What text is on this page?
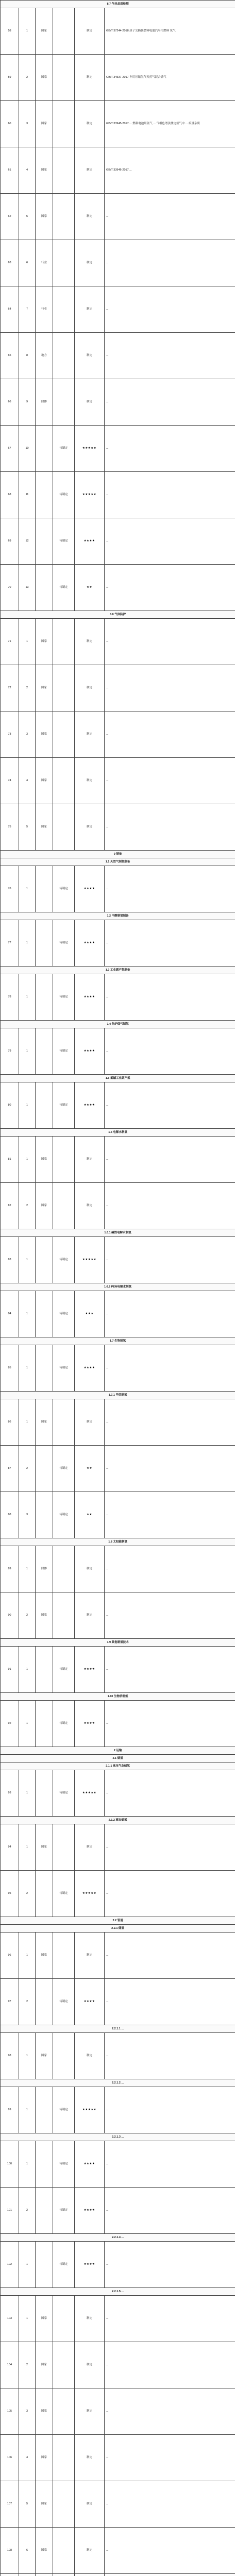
8.7 气体品质检测					
58	1	国家		制定	GB/T 37244-2018 质子交换膜燃料电池汽车用燃料 氢气
59	2	国家		制定	GB/T 34537-2017 车用压缩氢气天然气混合燃气
60	3	国家		制定	GB/T 33945-2017 ... 燃料电池用氢气 ... 气相色谱法测定氢气中 ... 痕量杂质
61	4	国家		制定	GB/T 33946-2017 ...
62	5	国家		制定	...
63	6	行业		制定	...
64	7	行业		制定	...
65	8	地方		制定	...
66	9	团体		制定	...
67	10		待制定	★★★★★	...
68	11		待制定	★★★★★	...
69	12		待制定	★★★★	...
70	13		待制定	★★	...
8.8 气体防护					
71	1	国家		制定	...
72	2	国家		制定	...
73	3	国家		制定	...
74	4	国家		制定	...
75	5	国家		制定	...
9 制备					
1.1 天然气制氢制备					
76	1		待制定	★★★★	...
1.2 甲醇制氢制备					
77	1		待制定	★★★★	...
1.3 工业副产氢制备					
78	1		待制定	★★★★	...
1.4 焦炉煤气制氢					
79	1		待制定	★★★★	...
1.5 氯碱工业副产氢					
80	1		待制定	★★★★	...
1.6 电解水制氢					
81	1	国家		制定	...
82	2	国家		制定	...
1.6.1 碱性电解水制氢					
83	1		待制定	★★★★★	...
1.6.2 PEM电解水制氢					
84	1		待制定	★★★	...
1.7 生物制氢					
85	1		待制定	★★★★	...
1.7.1 甲烷制氢					
86	1	国家		制定	...
87	2		待制定	★★	...
88	3		待制定	★★	...
1.8 太阳能制氢					
89	1	团体		制定	...
90	2	国家		制定	...
1.9 其他制氢技术					
91	1		待制定	★★★★	...
1.10 生物质制氢					
92	1		待制定	★★★★	...
2 运输					
2.1 储氢					
2.1.1 高压气态储氢					
93	1		待制定	★★★★★	...
2.1.2 液态储氢					
94	1	国家		制定	...
95	2		待制定	★★★★★	...
2.2 管道					
2.2.1 储氢					
96	1	国家		制定	...
97	2		待制定	★★★★	...
2.2.1.1 ...					
98	1	国家		制定	...
2.2.1.2 ...					
99	1		待制定	★★★★★	...
2.2.1.3 ...					
100	1		待制定	★★★★	...
101	2		待制定	★★★★	...
2.2.1.4 ...					
102	1		待制定	★★★★	...
2.2.1.5 ...					
103	1	国家		制定	...
104	2	国家		制定	...
105	3	国家		制定	...
106	4	国家		制定	...
107	5	国家		制定	...
108	6	国家		制定	...
